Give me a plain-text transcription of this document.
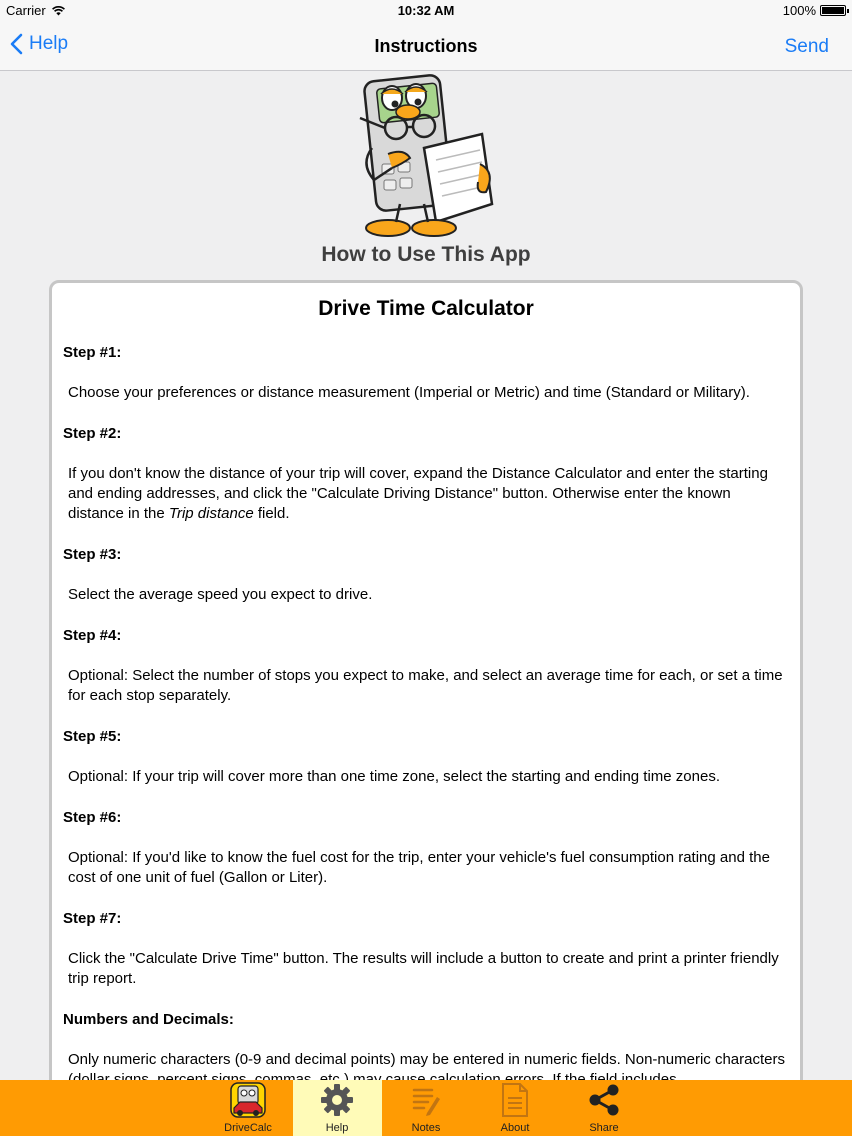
Carrier	10:32 AM	100%
Help	Instructions	Send
How to Use This App
Drive Time Calculator
Step #1:
Choose your preferences or distance measurement (Imperial or Metric) and time (Standard or Military).
Step #2:
If you don't know the distance of your trip will cover, expand the Distance Calculator and enter the starting and ending addresses, and click the "Calculate Driving Distance" button. Otherwise enter the known distance in the Trip distance field.
Step #3:
Select the average speed you expect to drive.
Step #4:
Optional: Select the number of stops you expect to make, and select an average time for each, or set a time for each stop separately.
Step #5:
Optional: If your trip will cover more than one time zone, select the starting and ending time zones.
Step #6:
Optional: If you'd like to know the fuel cost for the trip, enter your vehicle's fuel consumption rating and the cost of one unit of fuel (Gallon or Liter).
Step #7:
Click the "Calculate Drive Time" button. The results will include a button to create and print a printer friendly trip report.
Numbers and Decimals:
Only numeric characters (0-9 and decimal points) may be entered in numeric fields. Non-numeric characters
DriveCalc	Help	Notes	About	Share
